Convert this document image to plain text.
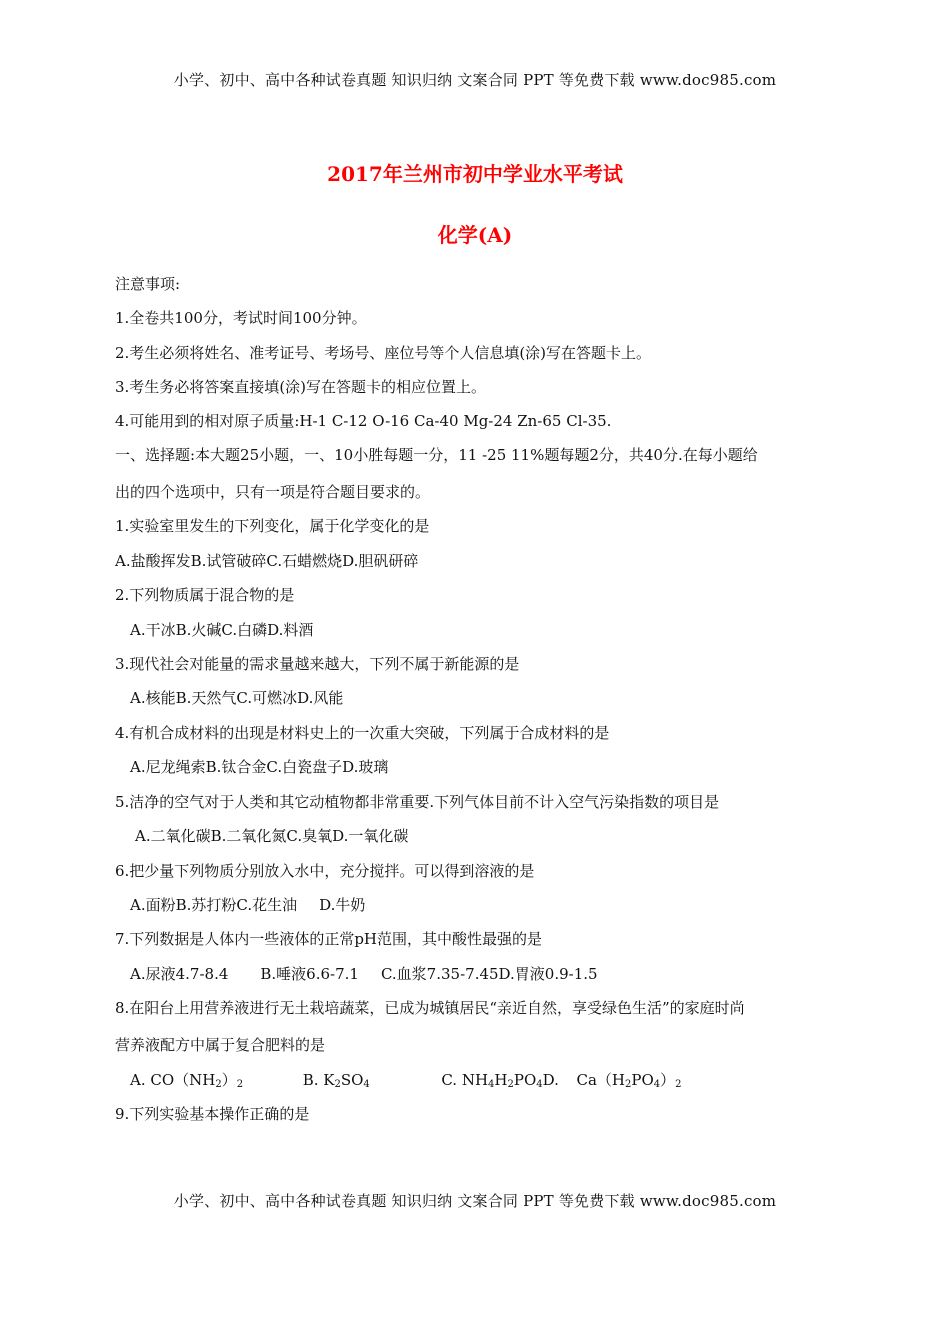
小学、初中、高中各种试卷真题 知识归纳 文案合同 PPT 等免费下载 www.doc985.com
2017年兰州市初中学业水平考试
化学(A)
注意事项:
1.全卷共100分，考试时间100分钟。
2.考生必须将姓名、准考证号、考场号、座位号等个人信息填(涂)写在答题卡上。
3.考生务必将答案直接填(涂)写在答题卡的相应位置上。
4.可能用到的相对原子质量:H-1 C-12 O-16 Ca-40 Mg-24 Zn-65 Cl-35.
一、选择题:本大题25小题，一、10小胜每题一分，11 -25 11%题每题2分，共40分.在每小题给
出的四个选项中，只有一项是符合题目要求的。
1.实验室里发生的下列变化，属于化学变化的是
A.盐酸挥发B.试管破碎C.石蜡燃烧D.胆矾研碎
2.下列物质属于混合物的是
A.干冰B.火碱C.白磷D.料酒
3.现代社会对能量的需求量越来越大，下列不属于新能源的是
A.核能B.天然气C.可燃冰D.风能
4.有机合成材料的出现是材料史上的一次重大突破，下列属于合成材料的是
A.尼龙绳索B.钛合金C.白瓷盘子D.玻璃
5.洁净的空气对于人类和其它动植物都非常重要.下列气体目前不计入空气污染指数的项目是
A.二氧化碳B.二氧化氮C.臭氧D.一氧化碳
6.把少量下列物质分别放入水中，充分搅拌。可以得到溶液的是
A.面粉B.苏打粉C.花生油 D.牛奶
7.下列数据是人体内一些液体的正常pH范围，其中酸性最强的是
A.尿液4.7-8.4 B.唾液6.6-7.1 C.血浆7.35-7.45D.胃液0.9-1.5
8.在阳台上用营养液进行无土栽培蔬菜，已成为城镇居民“亲近自然，享受绿色生活”的家庭时尚
营养液配方中属于复合肥料的是
A. $CO(NH_2)_2$	B. $K_2SO_4$	C. $NH_4H_2PO_4D$. $Ca(H_2PO_4)_2$
9.下列实验基本操作正确的是
小学、初中、高中各种试卷真题 知识归纳 文案合同 PPT 等免费下载 www.doc985.com
